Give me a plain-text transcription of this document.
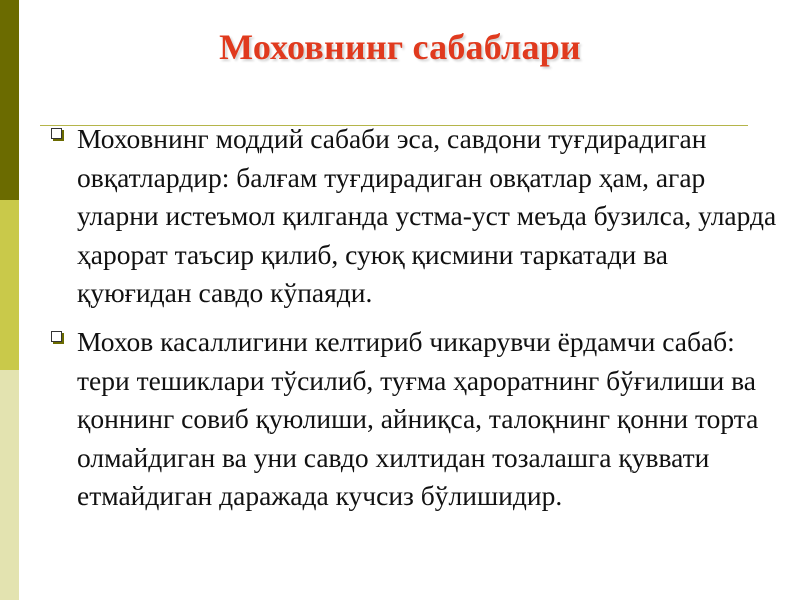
Моховнинг сабаблари
Моховнинг моддий сабаби эса, савдони туғдирадиган овқатлардир: балғам туғдирадиган овқатлар ҳам, агар уларни истеъмол қилганда устма-уст меъда бузилса, уларда ҳарорат таъсир қилиб, суюқ қисмини таркатади ва қуюғидан савдо кўпаяди.
Мохов касаллигини келтириб чикарувчи ёрдамчи сабаб: тери тешиклари тўсилиб, туғма ҳароратнинг бўғилиши ва қоннинг совиб қуюлиши, айниқса, талоқнинг қонни торта олмайдиган ва уни савдо хилтидан тозалашга қуввати етмайдиган даражада кучсиз бўлишидир.
